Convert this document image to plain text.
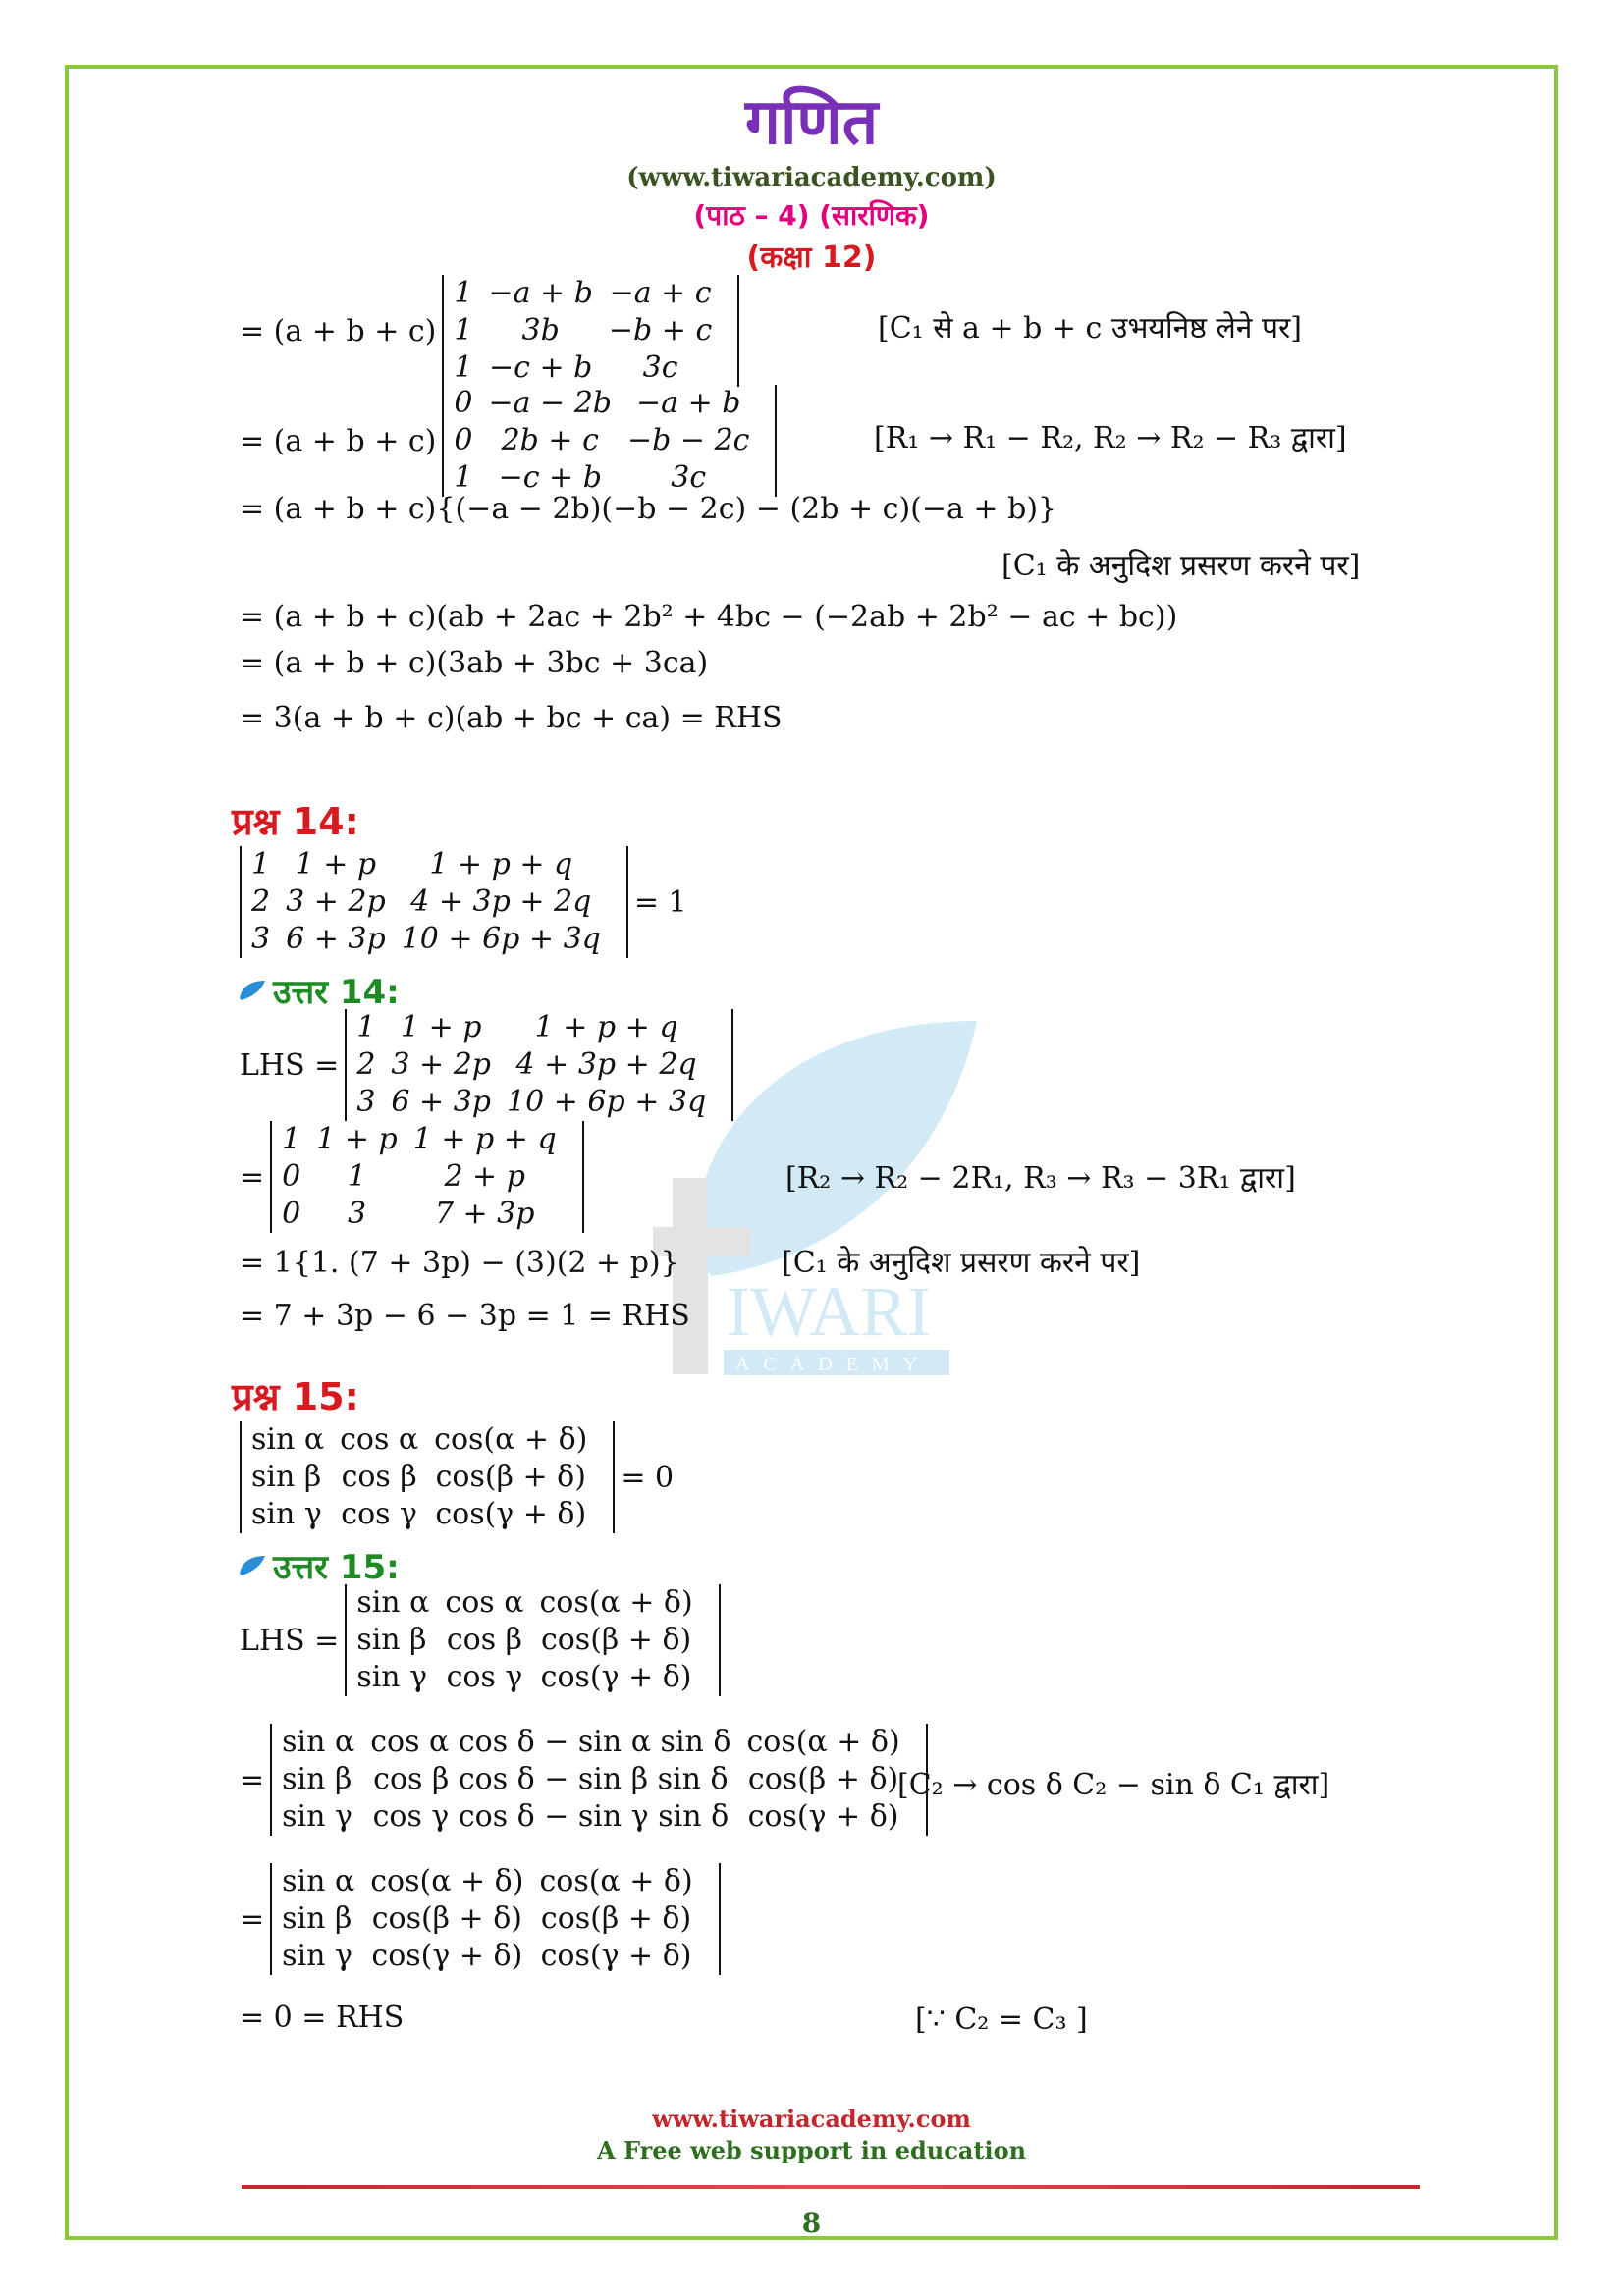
गणित
(www.tiwariacademy.com)
(पाठ – 4) (सारणिक)
(कक्षा 12)
IWARI
ACADEMY
= (a + b + c)
1	−a + b	−a + c
1	3b	−b + c
1	−c + b	3c
[C₁ से a + b + c उभयनिष्ठ लेने पर]
= (a + b + c)
0	−a − 2b	−a + b
0	2b + c	−b − 2c
1	−c + b	3c
[R₁ → R₁ − R₂, R₂ → R₂ − R₃ द्वारा]
= (a + b + c){(−a − 2b)(−b − 2c) − (2b + c)(−a + b)}
[C₁ के अनुदिश प्रसरण करने पर]
= (a + b + c)(ab + 2ac + 2b² + 4bc − (−2ab + 2b² − ac + bc))
= (a + b + c)(3ab + 3bc + 3ca)
= 3(a + b + c)(ab + bc + ca) = RHS
प्रश्न 14:
1	1 + p	1 + p + q
2	3 + 2p	4 + 3p + 2q
3	6 + 3p	10 + 6p + 3q
= 1
उत्तर 14:
LHS =
1	1 + p	1 + p + q
2	3 + 2p	4 + 3p + 2q
3	6 + 3p	10 + 6p + 3q
=
1	1 + p	1 + p + q
0	1	2 + p
0	3	7 + 3p
[R₂ → R₂ − 2R₁, R₃ → R₃ − 3R₁ द्वारा]
= 1{1. (7 + 3p) − (3)(2 + p)}	[C₁ के अनुदिश प्रसरण करने पर]
= 7 + 3p − 6 − 3p = 1 = RHS
प्रश्न 15:
sin α	cos α	cos(α + δ)
sin β	cos β	cos(β + δ)
sin γ	cos γ	cos(γ + δ)
= 0
उत्तर 15:
LHS =
sin α	cos α	cos(α + δ)
sin β	cos β	cos(β + δ)
sin γ	cos γ	cos(γ + δ)
=
sin α	cos α cos δ − sin α sin δ	cos(α + δ)
sin β	cos β cos δ − sin β sin δ	cos(β + δ)
sin γ	cos γ cos δ − sin γ sin δ	cos(γ + δ)
[C₂ → cos δ C₂ − sin δ C₁ द्वारा]
=
sin α	cos(α + δ)	cos(α + δ)
sin β	cos(β + δ)	cos(β + δ)
sin γ	cos(γ + δ)	cos(γ + δ)
= 0 = RHS	[∵ C₂ = C₃ ]
www.tiwariacademy.com
A Free web support in education
8
